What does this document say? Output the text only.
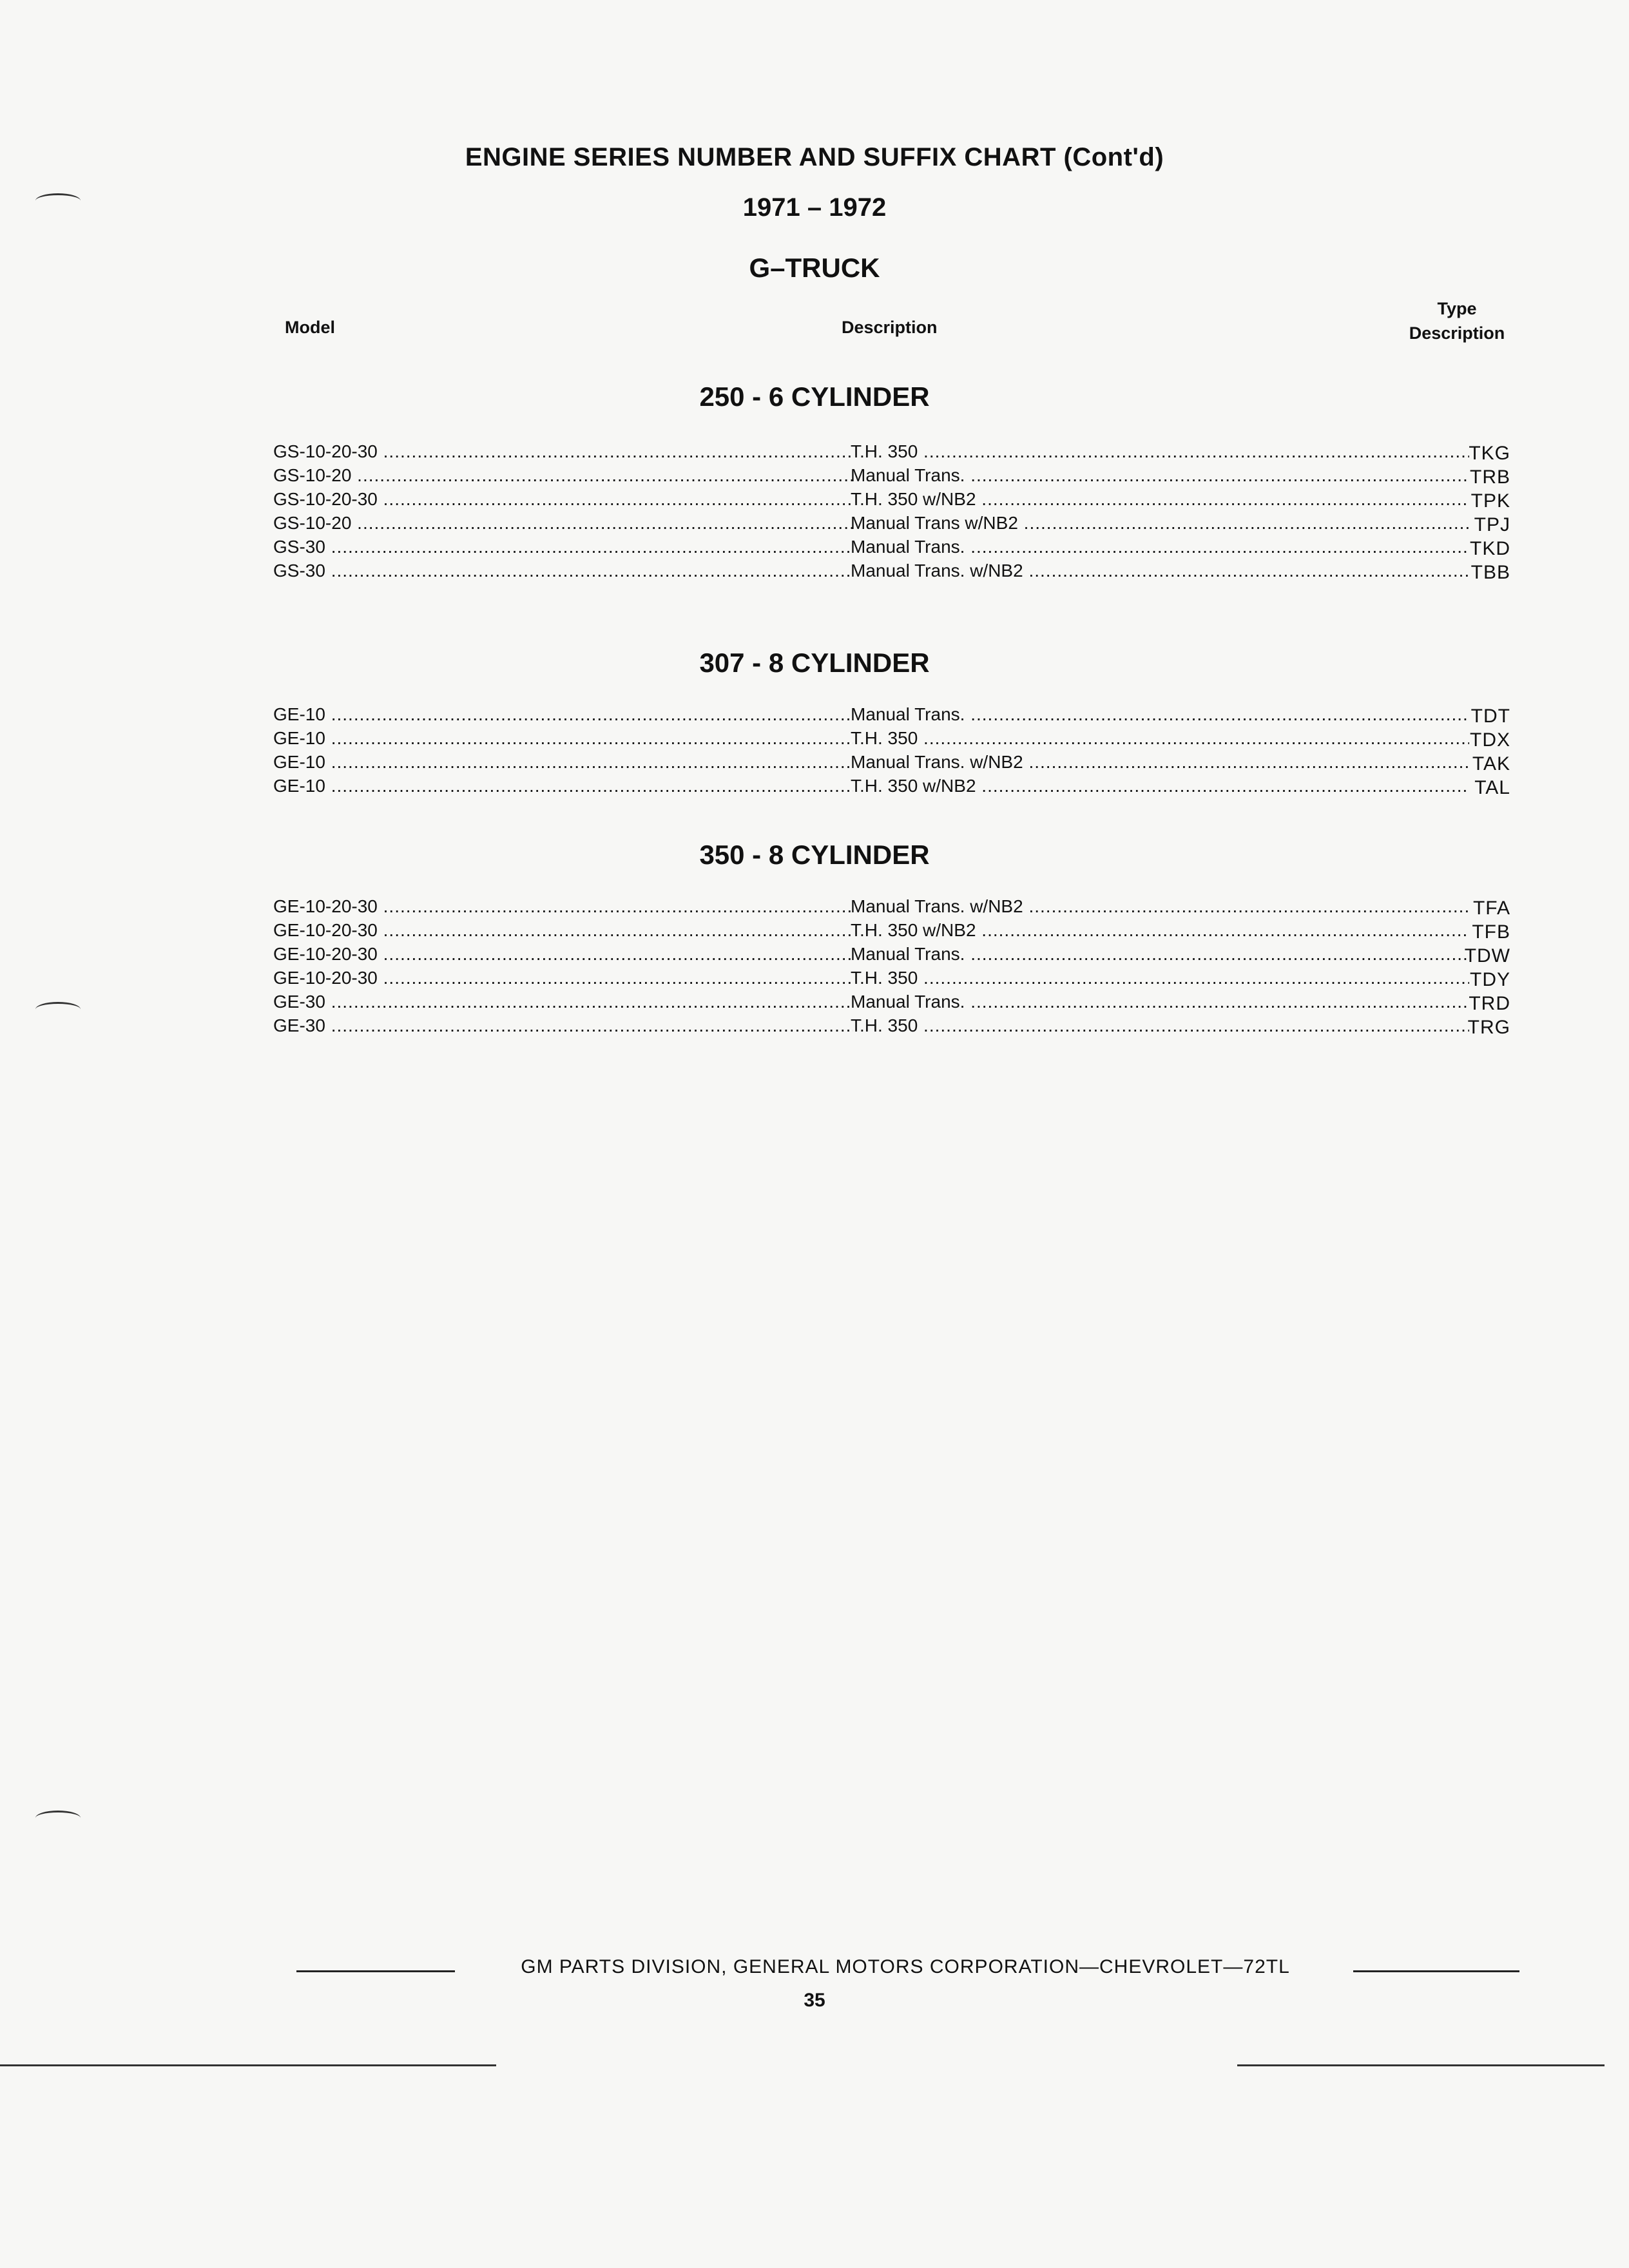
ENGINE SERIES NUMBER AND SUFFIX CHART (Cont'd)
1971 – 1972
G–TRUCK
Model	Description
Type
Description
250 - 6 CYLINDER
GS-10-20-30 .....	T.H. 350 .....	TKG
GS-10-20 .....	Manual Trans. .....	TRB
GS-10-20-30 .....	T.H. 350 w/NB2 .....	TPK
GS-10-20 .....	Manual Trans w/NB2 .....	TPJ
GS-30 .....	Manual Trans. .....	TKD
GS-30 .....	Manual Trans. w/NB2 .....	TBB
307 - 8 CYLINDER
GE-10 .....	Manual Trans. .....	TDT
GE-10 .....	T.H. 350 .....	TDX
GE-10 .....	Manual Trans. w/NB2 .....	TAK
GE-10 .....	T.H. 350 w/NB2 .....	TAL
350 - 8 CYLINDER
GE-10-20-30 .....	Manual Trans. w/NB2 .....	TFA
GE-10-20-30 .....	T.H. 350 w/NB2 .....	TFB
GE-10-20-30 .....	Manual Trans. .....	TDW
GE-10-20-30 .....	T.H. 350 .....	TDY
GE-30 .....	Manual Trans. .....	TRD
GE-30 .....	T.H. 350 .....	TRG
GM PARTS DIVISION, GENERAL MOTORS CORPORATION—CHEVROLET—72TL
35
